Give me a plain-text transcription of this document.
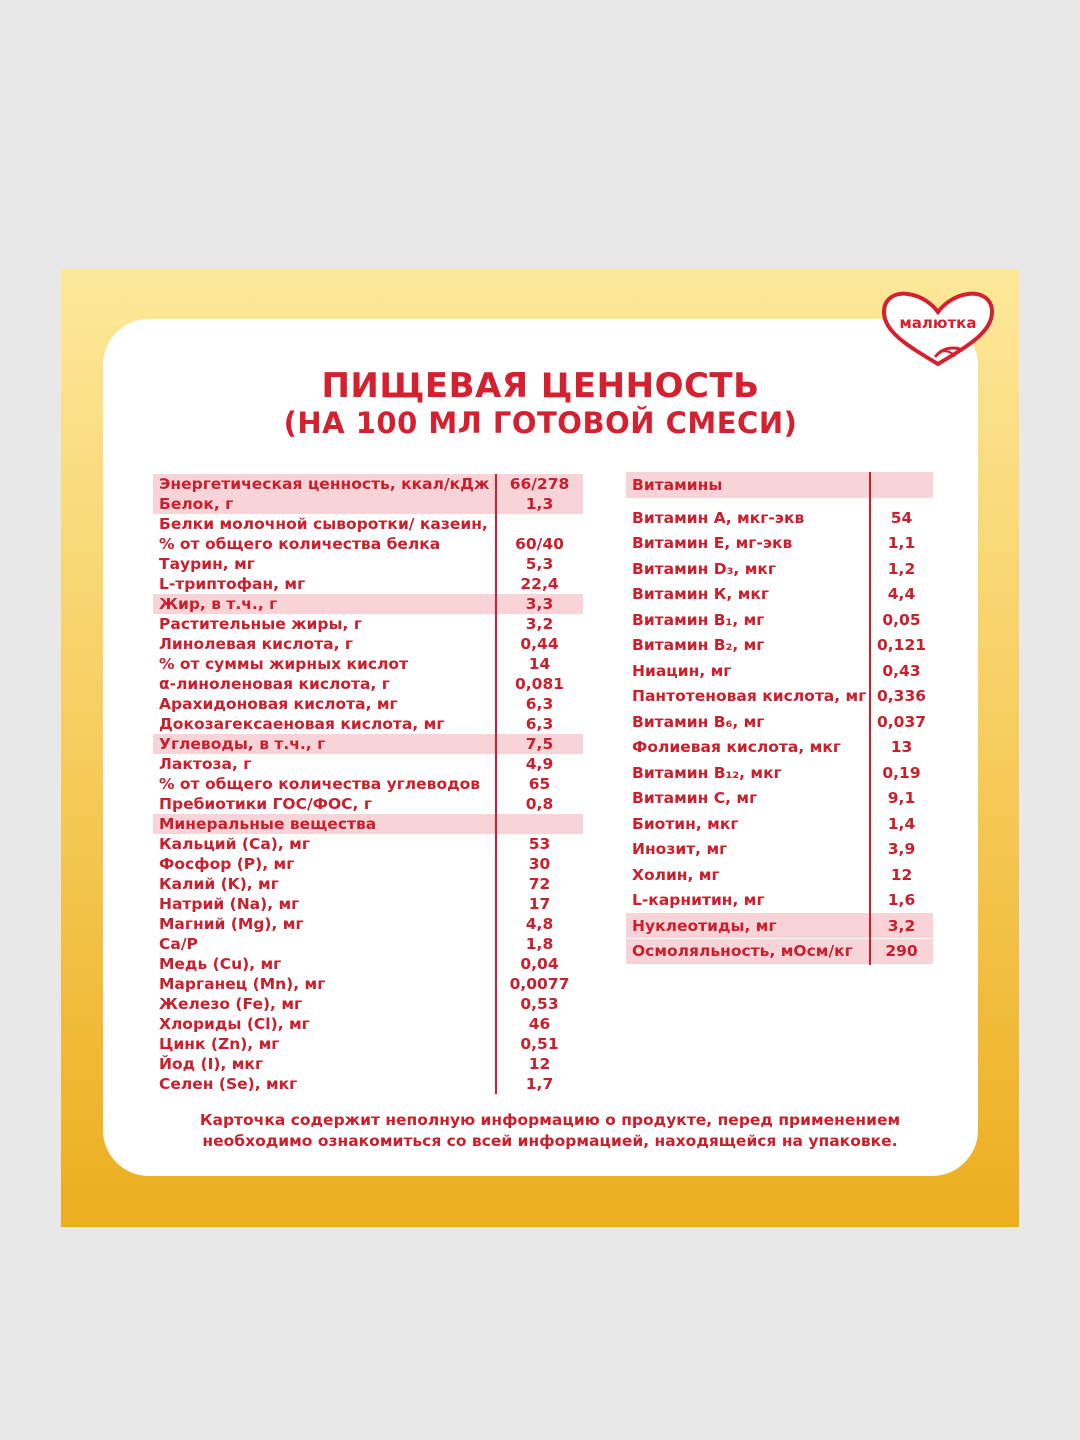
малютка
ПИЩЕВАЯ ЦЕННОСТЬ
(НА 100 МЛ ГОТОВОЙ СМЕСИ)
Энергетическая ценность, ккал/кДж	66/278
Белок, г	1,3
Белки молочной сыворотки/ казеин,
% от общего количества белка	60/40
Таурин, мг	5,3
L-триптофан, мг	22,4
Жир, в т.ч., г	3,3
Растительные жиры, г	3,2
Линолевая кислота, г	0,44
% от суммы жирных кислот	14
α-линоленовая кислота, г	0,081
Арахидоновая кислота, мг	6,3
Докозагексаеновая кислота, мг	6,3
Углеводы, в т.ч., г	7,5
Лактоза, г	4,9
% от общего количества углеводов	65
Пребиотики ГОС/ФОС, г	0,8
Минеральные вещества
Кальций (Ca), мг	53
Фосфор (P), мг	30
Калий (K), мг	72
Натрий (Na), мг	17
Магний (Mg), мг	4,8
Ca/P	1,8
Медь (Cu), мг	0,04
Марганец (Mn), мг	0,0077
Железо (Fe), мг	0,53
Хлориды (Cl), мг	46
Цинк (Zn), мг	0,51
Йод (I), мкг	12
Селен (Se), мкг	1,7
Витамины
Витамин А, мкг-экв	54
Витамин Е, мг-экв	1,1
Витамин D₃, мкг	1,2
Витамин К, мкг	4,4
Витамин B₁, мг	0,05
Витамин B₂, мг	0,121
Ниацин, мг	0,43
Пантотеновая кислота, мг 0,336
Витамин B₆, мг	0,037
Фолиевая кислота, мкг	13
Витамин B₁₂, мкг	0,19
Витамин С, мг	9,1
Биотин, мкг	1,4
Инозит, мг	3,9
Холин, мг	12
L-карнитин, мг	1,6
Нуклеотиды, мг	3,2
Осмоляльность, мОсм/кг	290
Карточка содержит неполную информацию о продукте, перед применением
необходимо ознакомиться со всей информацией, находящейся на упаковке.
